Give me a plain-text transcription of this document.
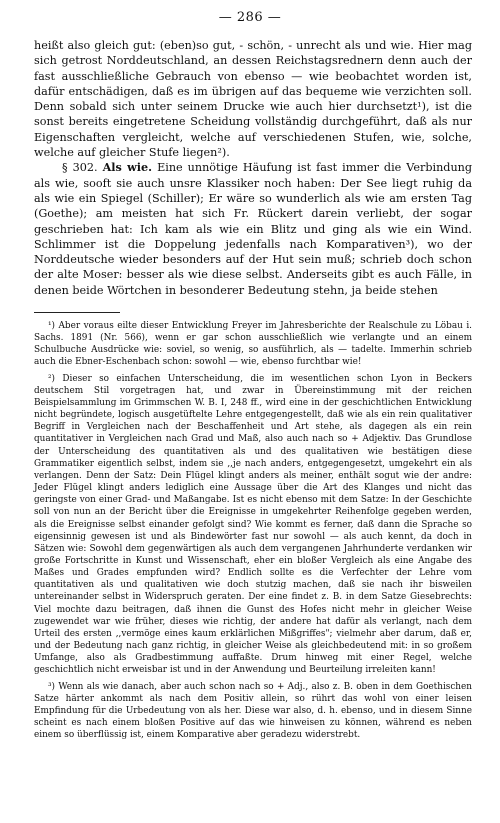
— 286 —

heißt also gleich gut: (eben)so gut, - schön, - unrecht als und wie. Hier mag sich getrost Norddeutschland, an dessen Reichstagsrednern denn auch der fast ausschließliche Gebrauch von ebenso — wie beobachtet worden ist, dafür entschädigen, daß es im übrigen auf das bequeme wie verzichten soll. Denn sobald sich unter seinem Drucke wie auch hier durchsetzt¹), ist die sonst bereits eingetretene Scheidung vollständig durchgeführt, daß als nur Eigenschaften vergleicht, welche auf verschiedenen Stufen, wie, solche, welche auf gleicher Stufe liegen²).

§ 302. Als wie. Eine unnötige Häufung ist fast immer die Verbindung als wie, sooft sie auch unsre Klassiker noch haben: Der See liegt ruhig da als wie ein Spiegel (Schiller); Er wäre so wunderlich als wie am ersten Tag (Goethe); am meisten hat sich Fr. Rückert darein verliebt, der sogar geschrieben hat: Ich kam als wie ein Blitz und ging als wie ein Wind. Schlimmer ist die Doppelung jedenfalls nach Komparativen³), wo der Norddeutsche wieder besonders auf der Hut sein muß; schrieb doch schon der alte Moser: besser als wie diese selbst. Anderseits gibt es auch Fälle, in denen beide Wörtchen in besonderer Bedeutung stehn, ja beide stehen

¹) Aber voraus eilte dieser Entwicklung Freyer im Jahresberichte der Realschule zu Löbau i. Sachs. 1891 (Nr. 566), wenn er gar schon ausschließlich wie verlangte und an einem Schulbuche Ausdrücke wie: soviel, so wenig, so ausführlich, als — tadelte. Immerhin schrieb auch die Ebner-Eschenbach schon: sowohl — wie, ebenso furchtbar wie!

²) Dieser so einfachen Unterscheidung, die im wesentlichen schon Lyon in Beckers deutschem Stil vorgetragen hat, und zwar in Übereinstimmung mit der reichen Beispielsammlung im Grimmschen W. B. I, 248 ff., wird eine in der geschichtlichen Entwicklung nicht begründete, logisch ausgetüftelte Lehre entgegengestellt, daß wie als ein rein qualitativer Begriff in Vergleichen nach der Beschaffenheit und Art stehe, als dagegen als ein rein quantitativer in Vergleichen nach Grad und Maß, also auch nach so + Adjektiv. Das Grundlose der Unterscheidung des quantitativen als und des qualitativen wie bestätigen diese Grammatiker eigentlich selbst, indem sie ,,je nach anders, entgegengesetzt, umgekehrt ein als verlangen. Denn der Satz: Dein Flügel klingt anders als meiner, enthält sogut wie der andre: Jeder Flügel klingt anders lediglich eine Aussage über die Art des Klanges und nicht das geringste von einer Grad- und Maßangabe. Ist es nicht ebenso mit dem Satze: In der Geschichte soll von nun an der Bericht über die Ereignisse in umgekehrter Reihenfolge gegeben werden, als die Ereignisse selbst einander gefolgt sind? Wie kommt es ferner, daß dann die Sprache so eigensinnig gewesen ist und als Bindewörter fast nur sowohl — als auch kennt, da doch in Sätzen wie: Sowohl dem gegenwärtigen als auch dem vergangenen Jahrhunderte verdanken wir große Fortschritte in Kunst und Wissenschaft, eher ein bloßer Vergleich als eine Angabe des Maßes und Grades empfunden wird? Endlich sollte es die Verfechter der Lehre vom quantitativen als und qualitativen wie doch stutzig machen, daß sie nach ihr bisweilen untereinander selbst in Widerspruch geraten. Der eine findet z. B. in dem Satze Giesebrechts: Viel mochte dazu beitragen, daß ihnen die Gunst des Hofes nicht mehr in gleicher Weise zugewendet war wie früher, dieses wie richtig, der andere hat dafür als verlangt, nach dem Urteil des ersten ,,vermöge eines kaum erklärlichen Mißgriffes"; vielmehr aber darum, daß er, und der Bedeutung nach ganz richtig, in gleicher Weise als gleichbedeutend mit: in so großem Umfange, also als Gradbestimmung auffaßte. Drum hinweg mit einer Regel, welche geschichtlich nicht erweisbar ist und in der Anwendung und Beurteilung irreleiten kann!

³) Wenn als wie danach, aber auch schon nach so + Adj., also z. B. oben in dem Goethischen Satze härter ankommt als nach dem Positiv allein, so rührt das wohl von einer leisen Empfindung für die Urbedeutung von als her. Diese war also, d. h. ebenso, und in diesem Sinne scheint es nach einem bloßen Positive auf das wie hinweisen zu können, während es neben einem so überflüssig ist, einem Komparative aber geradezu widerstrebt.
